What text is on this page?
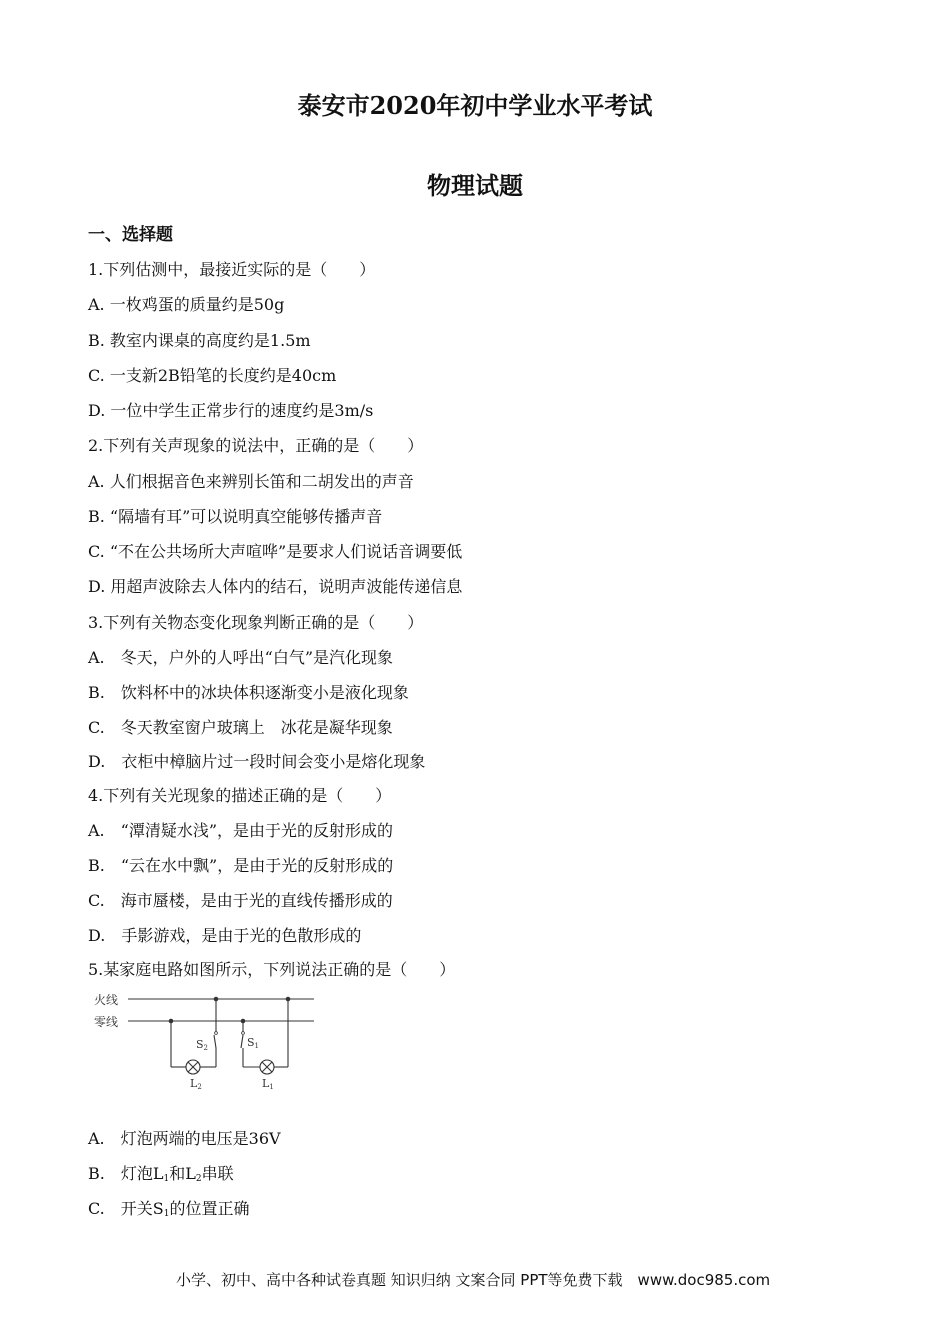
泰安市2020年初中学业水平考试
物理试题
一、选择题
1.下列估测中，最接近实际的是（　　）
A. 一枚鸡蛋的质量约是50g
B. 教室内课桌的高度约是1.5m
C. 一支新2B铅笔的长度约是40cm
D. 一位中学生正常步行的速度约是3m/s
2.下列有关声现象的说法中，正确的是（　　）
A. 人们根据音色来辨别长笛和二胡发出的声音
B. “隔墙有耳”可以说明真空能够传播声音
C. “不在公共场所大声喧哗”是要求人们说话音调要低
D. 用超声波除去人体内的结石，说明声波能传递信息
3.下列有关物态变化现象判断正确的是（　　）
A.　冬天，户外的人呼出“白气”是汽化现象
B.　饮料杯中的冰块体积逐渐变小是液化现象
C.　冬天教室窗户玻璃上　冰花是凝华现象
D.　衣柜中樟脑片过一段时间会变小是熔化现象
4.下列有关光现象的描述正确的是（　　）
A.　“潭清疑水浅”，是由于光的反射形成的
B.　“云在水中飘”，是由于光的反射形成的
C.　海市蜃楼，是由于光的直线传播形成的
D.　手影游戏，是由于光的色散形成的
5.某家庭电路如图所示，下列说法正确的是（　　）
火线
零线
S2	S1
L2	L1
A.　灯泡两端的电压是36V
B.　灯泡$L_1$和$L_2$串联
C.　开关$S_1$的位置正确
小学、初中、高中各种试卷真题 知识归纳 文案合同 PPT等免费下载　www.doc985.com
